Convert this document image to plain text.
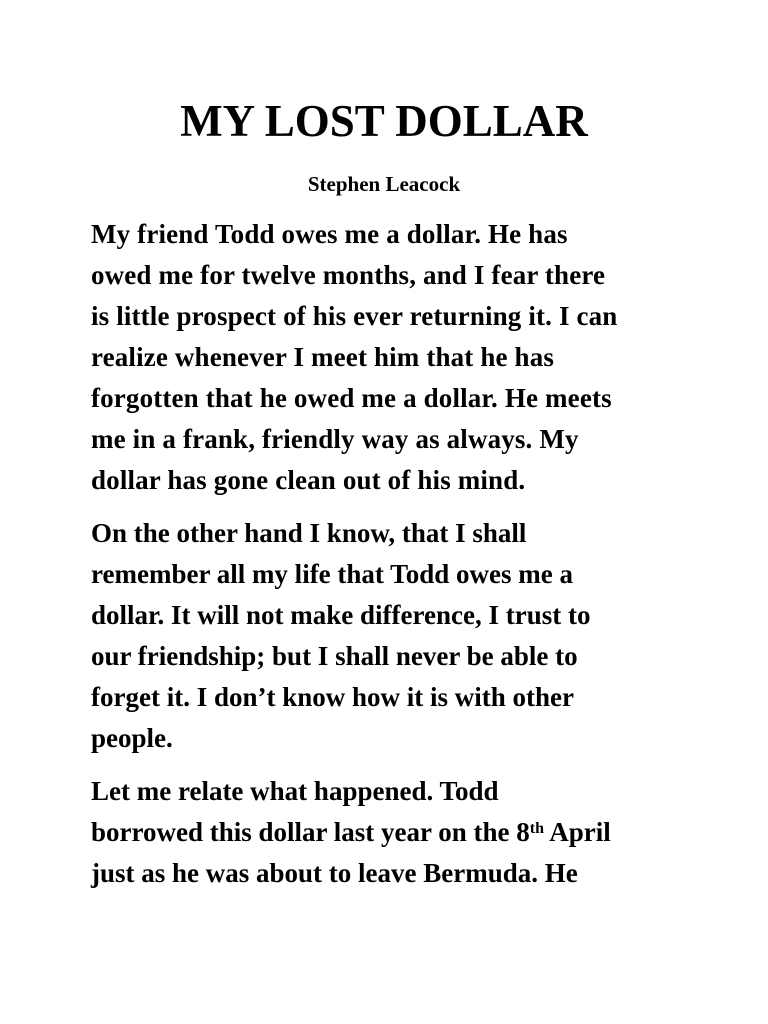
MY LOST DOLLAR

Stephen Leacock

My friend Todd owes me a dollar. He has
owed me for twelve months, and I fear there
is little prospect of his ever returning it. I can
realize whenever I meet him that he has
forgotten that he owed me a dollar. He meets
me in a frank, friendly way as always. My
dollar has gone clean out of his mind.

On the other hand I know, that I shall
remember all my life that Todd owes me a
dollar. It will not make difference, I trust to
our friendship; but I shall never be able to
forget it. I don’t know how it is with other
people.

Let me relate what happened. Todd
borrowed this dollar last year on the 8th April
just as he was about to leave Bermuda. He
